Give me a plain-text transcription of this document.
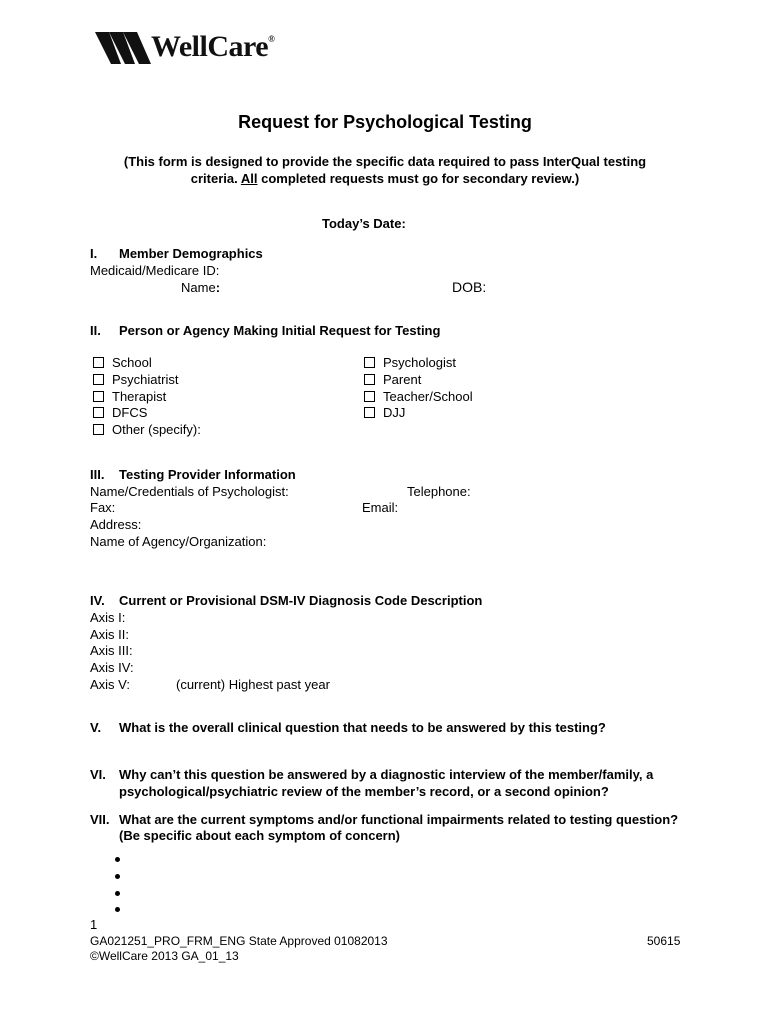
WellCare®
Request for Psychological Testing
(This form is designed to provide the specific data required to pass InterQual testing
criteria. All completed requests must go for secondary review.)
Today’s Date:
I. Member Demographics
Medicaid/Medicare ID:
Name:	DOB:
II. Person or Agency Making Initial Request for Testing
School
Psychiatrist
Therapist
DFCS
Other (specify):
Psychologist
Parent
Teacher/School
DJJ
III. Testing Provider Information
Name/Credentials of Psychologist:	Telephone:
Fax:	Email:
Address:
Name of Agency/Organization:
IV. Current or Provisional DSM-IV Diagnosis Code Description
Axis I:
Axis II:
Axis III:
Axis IV:
Axis V:	(current) Highest past year
V. What is the overall clinical question that needs to be answered by this testing?
VI. Why can’t this question be answered by a diagnostic interview of the member/family, a
psychological/psychiatric review of the member’s record, or a second opinion?
VII. What are the current symptoms and/or functional impairments related to testing question?
(Be specific about each symptom of concern)
1
GA021251_PRO_FRM_ENG State Approved 01082013	50615
©WellCare 2013 GA_01_13
